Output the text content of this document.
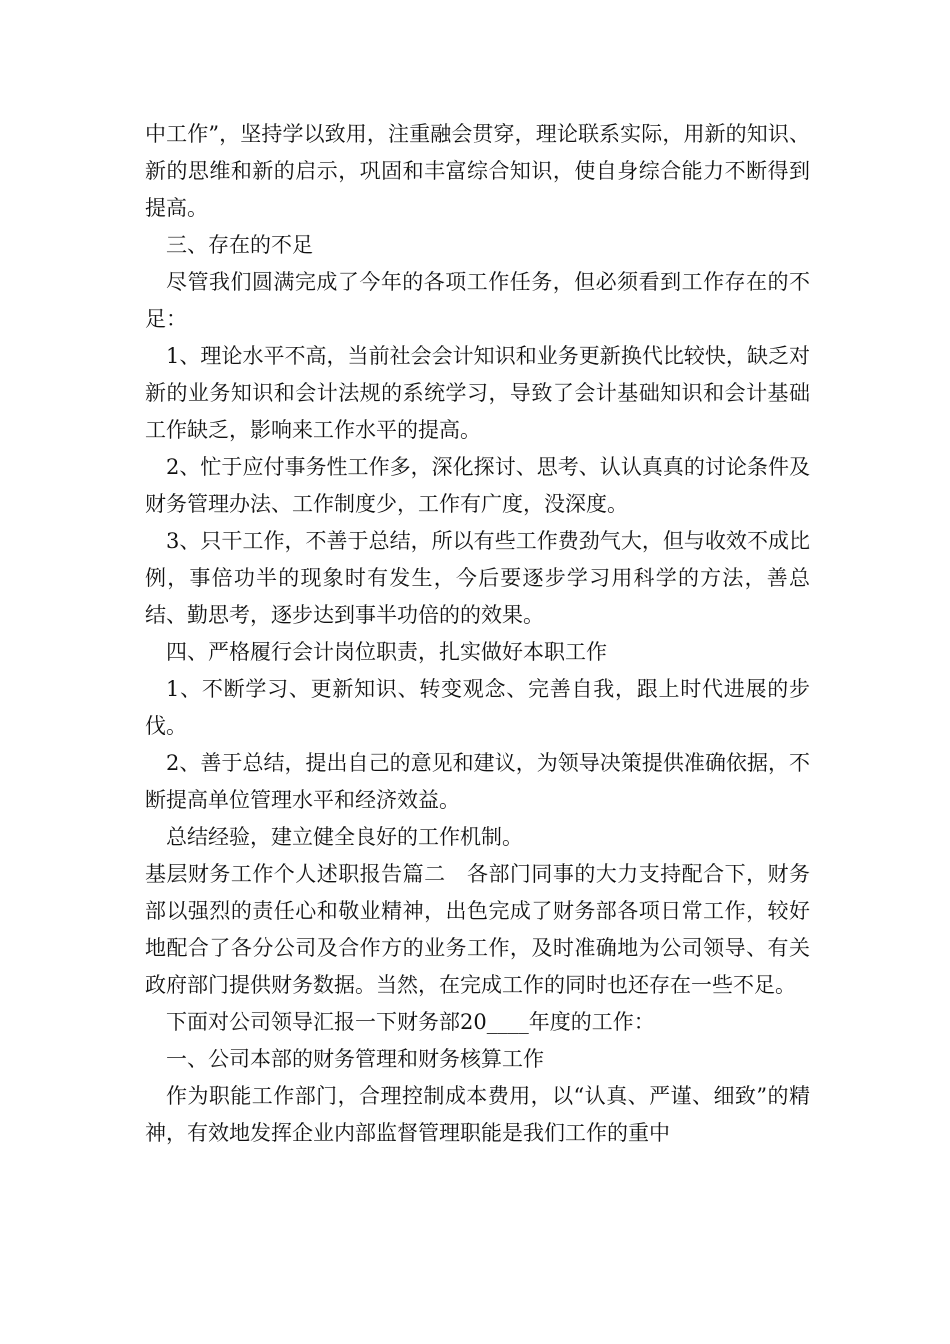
中工作”，坚持学以致用，注重融会贯穿，理论联系实际，用新的知识、新的思维和新的启示，巩固和丰富综合知识，使自身综合能力不断得到提高。

三、存在的不足

尽管我们圆满完成了今年的各项工作任务，但必须看到工作存在的不足：

1、理论水平不高，当前社会会计知识和业务更新换代比较快，缺乏对新的业务知识和会计法规的系统学习，导致了会计基础知识和会计基础工作缺乏，影响来工作水平的提高。

2、忙于应付事务性工作多，深化探讨、思考、认认真真的讨论条件及财务管理办法、工作制度少，工作有广度，没深度。

3、只干工作，不善于总结，所以有些工作费劲气大，但与收效不成比例，事倍功半的现象时有发生，今后要逐步学习用科学的方法，善总结、勤思考，逐步达到事半功倍的的效果。

四、严格履行会计岗位职责，扎实做好本职工作

1、不断学习、更新知识、转变观念、完善自我，跟上时代进展的步伐。

2、善于总结，提出自己的意见和建议，为领导决策提供准确依据，不断提高单位管理水平和经济效益。

总结经验，建立健全良好的工作机制。

基层财务工作个人述职报告篇二　各部门同事的大力支持配合下，财务部以强烈的责任心和敬业精神，出色完成了财务部各项日常工作，较好地配合了各分公司及合作方的业务工作，及时准确地为公司领导、有关政府部门提供财务数据。当然，在完成工作的同时也还存在一些不足。

下面对公司领导汇报一下财务部20____年度的工作：

一、公司本部的财务管理和财务核算工作

作为职能工作部门，合理控制成本费用，以“认真、严谨、细致”的精神，有效地发挥企业内部监督管理职能是我们工作的重中
